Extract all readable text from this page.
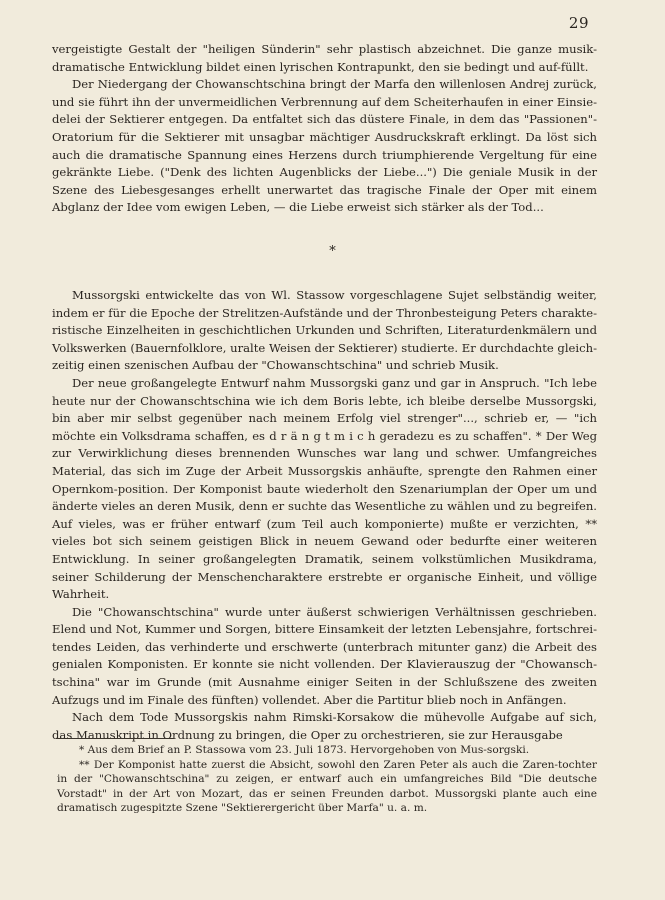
29

vergeistigte Gestalt der "heiligen Sünderin" sehr plastisch abzeichnet. Die ganze musik-dramatische Entwicklung bildet einen lyrischen Kontrapunkt, den sie bedingt und auf-füllt.

Der Niedergang der Chowanschtschina bringt der Marfa den willenlosen Andrej zurück, und sie führt ihn der unvermeidlichen Verbrennung auf dem Scheiterhaufen in einer Einsie-delei der Sektierer entgegen. Da entfaltet sich das düstere Finale, in dem das "Passionen"-Oratorium für die Sektierer mit unsagbar mächtiger Ausdruckskraft erklingt. Da löst sich auch die dramatische Spannung eines Herzens durch triumphierende Vergeltung für eine gekränkte Liebe. ("Denk des lichten Augenblicks der Liebe...") Die geniale Musik in der Szene des Liebesgesanges erhellt unerwartet das tragische Finale der Oper mit einem Abglanz der Idee vom ewigen Leben, — die Liebe erweist sich stärker als der Tod...

*

Mussorgski entwickelte das von Wl. Stassow vorgeschlagene Sujet selbständig weiter, indem er für die Epoche der Strelitzen-Aufstände und der Thronbesteigung Peters charakte-ristische Einzelheiten in geschichtlichen Urkunden und Schriften, Literaturdenkmälern und Volkswerken (Bauernfolklore, uralte Weisen der Sektierer) studierte. Er durchdachte gleich-zeitig einen szenischen Aufbau der "Chowanschtschina" und schrieb Musik.

Der neue großangelegte Entwurf nahm Mussorgski ganz und gar in Anspruch. "Ich lebe heute nur der Chowanschtschina wie ich dem Boris lebte, ich bleibe derselbe Mussorgski, bin aber mir selbst gegenüber nach meinem Erfolg viel strenger"..., schrieb er, — "ich möchte ein Volksdrama schaffen, es d r ä n g t m i c h geradezu es zu schaffen". * Der Weg zur Verwirklichung dieses brennenden Wunsches war lang und schwer. Umfangreiches Material, das sich im Zuge der Arbeit Mussorgskis anhäufte, sprengte den Rahmen einer Opernkom-position. Der Komponist baute wiederholt den Szenariumplan der Oper um und änderte vieles an deren Musik, denn er suchte das Wesentliche zu wählen und zu begreifen. Auf vieles, was er früher entwarf (zum Teil auch komponierte) mußte er verzichten, ** vieles bot sich seinem geistigen Blick in neuem Gewand oder bedurfte einer weiteren Entwicklung. In seiner großangelegten Dramatik, seinem volkstümlichen Musikdrama, seiner Schilderung der Menschencharaktere erstrebte er organische Einheit, und völlige Wahrheit.

Die "Chowanschtschina" wurde unter äußerst schwierigen Verhältnissen geschrieben. Elend und Not, Kummer und Sorgen, bittere Einsamkeit der letzten Lebensjahre, fortschrei-tendes Leiden, das verhinderte und erschwerte (unterbrach mitunter ganz) die Arbeit des genialen Komponisten. Er konnte sie nicht vollenden. Der Klavierauszug der "Chowansch-tschina" war im Grunde (mit Ausnahme einiger Seiten in der Schlußszene des zweiten Aufzugs und im Finale des fünften) vollendet. Aber die Partitur blieb noch in Anfängen.

Nach dem Tode Mussorgskis nahm Rimski-Korsakow die mühevolle Aufgabe auf sich, das Manuskript in Ordnung zu bringen, die Oper zu orchestrieren, sie zur Herausgabe

* Aus dem Brief an P. Stassowa vom 23. Juli 1873. Hervorgehoben von Mus-sorgski.

** Der Komponist hatte zuerst die Absicht, sowohl den Zaren Peter als auch die Zaren-tochter in der "Chowanschtschina" zu zeigen, er entwarf auch ein umfangreiches Bild "Die deutsche Vorstadt" in der Art von Mozart, das er seinen Freunden darbot. Mussorgski plante auch eine dramatisch zugespitzte Szene "Sektierergericht über Marfa" u. a. m.
